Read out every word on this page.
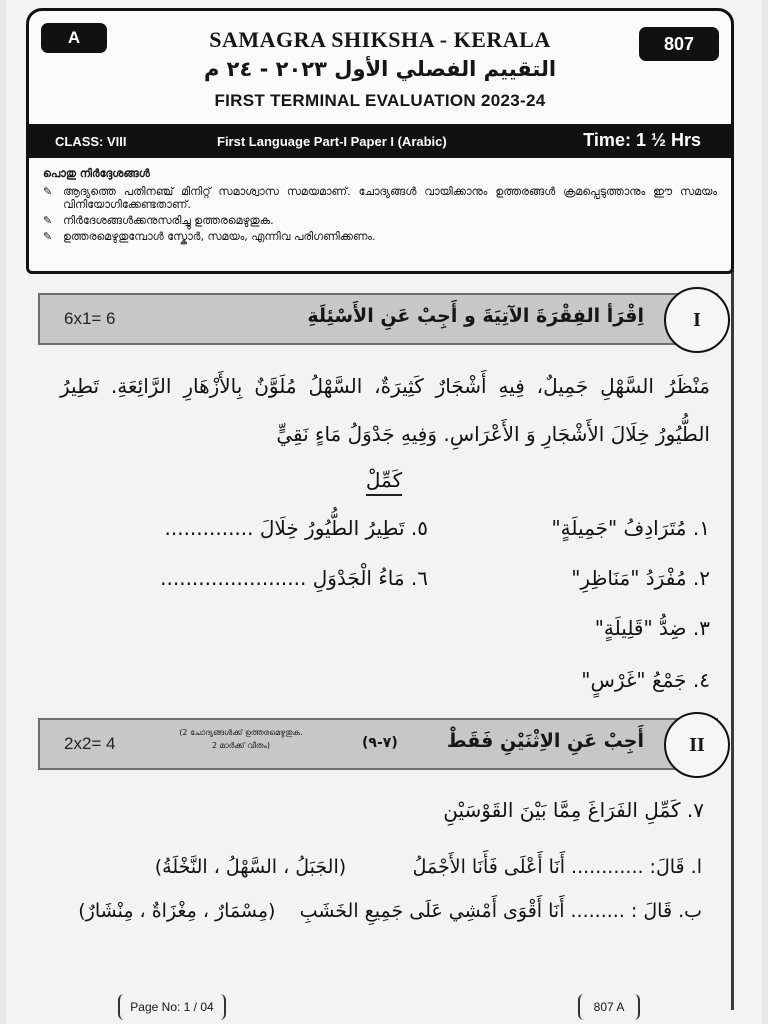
A	807
SAMAGRA SHIKSHA - KERALA
التقييم الفصلي الأول ٢٠٢٣ - ٢٤ م
FIRST TERMINAL EVALUATION 2023-24
CLASS: VIII	First Language Part-I Paper I (Arabic)	Time: 1 ½ Hrs
പൊതു നിർദ്ദേശങ്ങൾ
✎ ആദ്യത്തെ പതിനഞ്ച് മിനിറ്റ് സമാശ്വാസ സമയമാണ്. ചോദ്യങ്ങൾ വായിക്കാനും ഉത്തരങ്ങൾ ക്രമപ്പെടുത്താനും ഈ സമയം വിനിയോഗിക്കേണ്ടതാണ്.
✎ നിർദേശങ്ങൾക്കനുസരിച്ചു ഉത്തരമെഴുതുക.
✎ ഉത്തരമെഴുതുമ്പോൾ സ്കോർ, സമയം, എന്നിവ പരിഗണിക്കണം.
6x1= 6	اِقْرَأ الفِقْرَةَ الآتِيَةَ و أَجِبْ عَنِ الأَسْئِلَةِ	I
مَنْظَرُ السَّهْلِ جَمِيلٌ، فِيهِ أَشْجَارٌ كَثِيرَةٌ، السَّهْلُ مُلَوَّنٌ بِالأَزْهَارِ الرَّائِعَةِ. تَطِيرُ الطُّيُورُ خِلَالَ الأَشْجَارِ وَ الأَعْرَاسِ. وَفِيهِ جَدْوَلُ مَاءٍ نَقِيٍّ
كَمِّلْ
١. مُتَرَادِفُ "جَمِيلَةٍ"
٢. مُفْرَدُ "مَنَاظِرِ"
٣. ضِدُّ "قَلِيلَةٍ"
٤. جَمْعُ "غَرْسٍ"
٥. تَطِيرُ الطُّيُورُ خِلَالَ ..............
٦. مَاءُ الْجَدْوَلِ .......................
2x2= 4
(2 ചോദ്യങ്ങൾക്ക് ഉത്തരമെഴുതുക.
2 മാർക്ക് വീതം)	(٧-٩)	أَجِبْ عَنِ الاِثْنَيْنِ فَقَطْ	II
٧. كَمِّلِ الفَرَاغَ مِمَّا بَيْنَ القَوْسَيْنِ
ا. قَالَ: ............ أَنَا أَعْلَى فَأَنَا الأَجْمَلُ           (الجَبَلُ ، السَّهْلُ ، النَّخْلَةُ)
ب. قَالَ : ......... أَنَا أَقْوَى أَمْشِي عَلَى جَمِيعِ الخَشَبِ    (مِسْمَارٌ ، مِغْزَاةٌ ، مِنْشَارٌ)
Page No: 1 / 04	807 A
